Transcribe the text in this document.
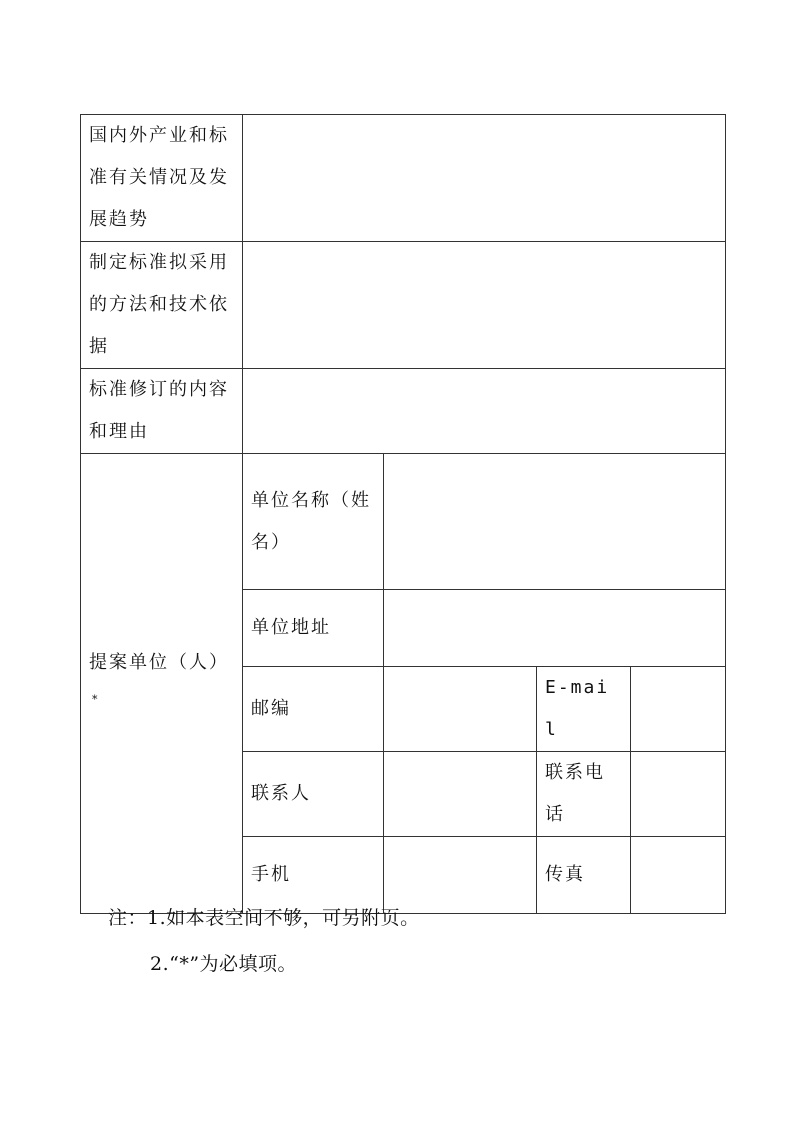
国内外产业和标准有关情况及发展趋势				
制定标准拟采用的方法和技术依据				
标准修订的内容和理由				
提案单位（人）*	单位名称（姓名）			
	单位地址			
	邮编		E-mail	
	联系人		联系电话	
	手机		传真	
注：1.如本表空间不够，可另附页。
2.“*”为必填项。
